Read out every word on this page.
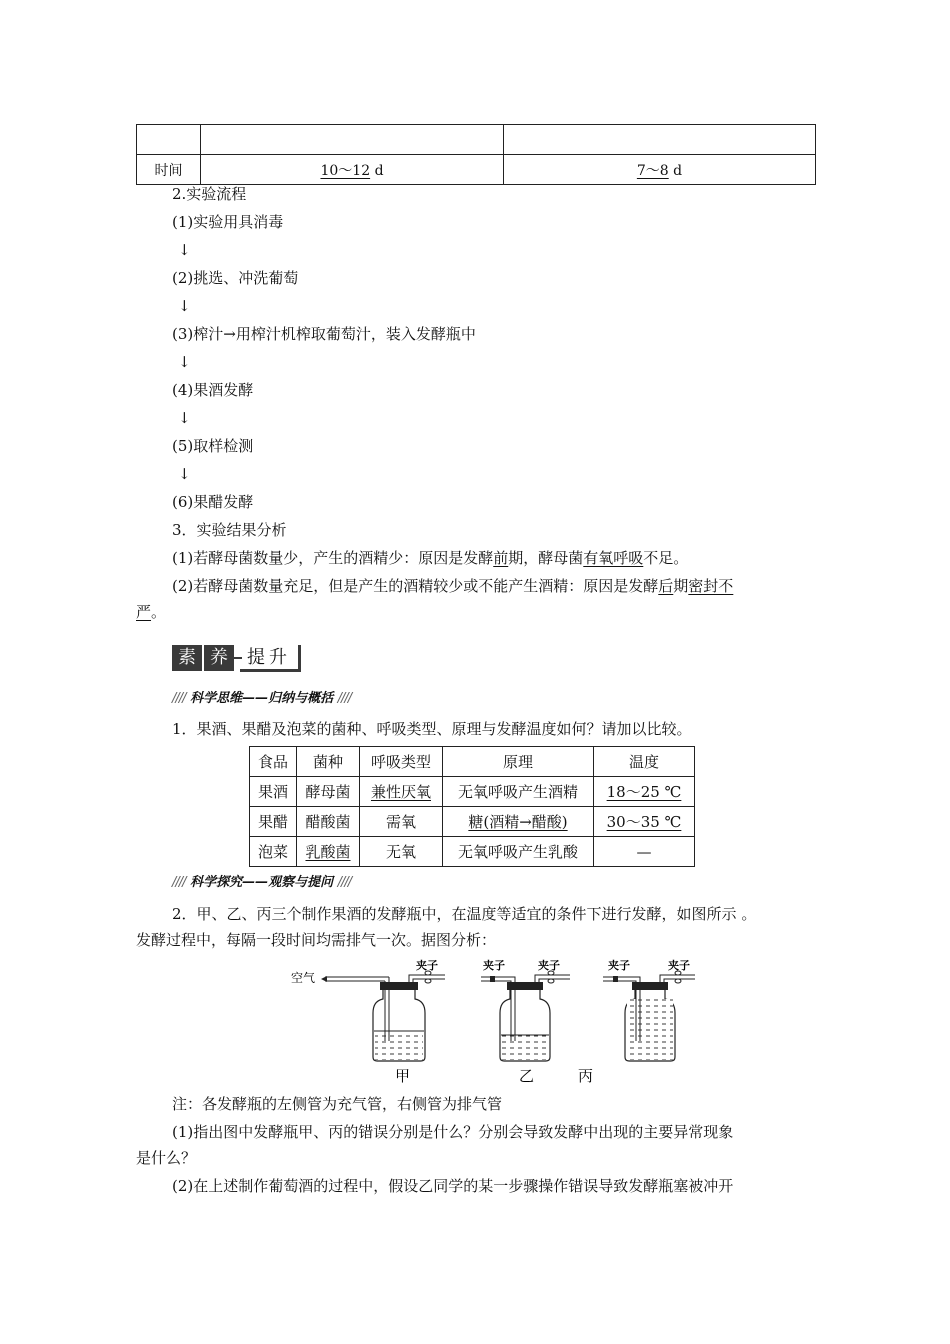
时间	10～12 d	7～8 d
2.实验流程
(1)实验用具消毒
↓
(2)挑选、冲洗葡萄
↓
(3)榨汁→用榨汁机榨取葡萄汁，装入发酵瓶中
↓
(4)果酒发酵
↓
(5)取样检测
↓
(6)果醋发酵
3．实验结果分析
(1)若酵母菌数量少，产生的酒精少：原因是发酵前期，酵母菌有氧呼吸不足。
(2)若酵母菌数量充足，但是产生的酒精较少或不能产生酒精：原因是发酵后期密封不
严。
素 养	提升
//// 科学思维——归纳与概括 ////
1．果酒、果醋及泡菜的菌种、呼吸类型、原理与发酵温度如何？请加以比较。
食品	菌种	呼吸类型	原理	温度
果酒	酵母菌	兼性厌氧	无氧呼吸产生酒精	18～25 ℃
果醋	醋酸菌	需氧	糖(酒精→醋酸)	30～35 ℃
泡菜	乳酸菌	无氧	无氧呼吸产生乳酸	—
//// 科学探究——观察与提问 ////
2．甲、乙、丙三个制作果酒的发酵瓶中，在温度等适宜的条件下进行发酵，如图所示 。
发酵过程中，每隔一段时间均需排气一次。据图分析：
空气
夹子	夹子	夹子	夹子	夹子
甲	乙	丙
注：各发酵瓶的左侧管为充气管，右侧管为排气管
(1)指出图中发酵瓶甲、丙的错误分别是什么？分别会导致发酵中出现的主要异常现象
是什么？
(2)在上述制作葡萄酒的过程中，假设乙同学的某一步骤操作错误导致发酵瓶塞被冲开
